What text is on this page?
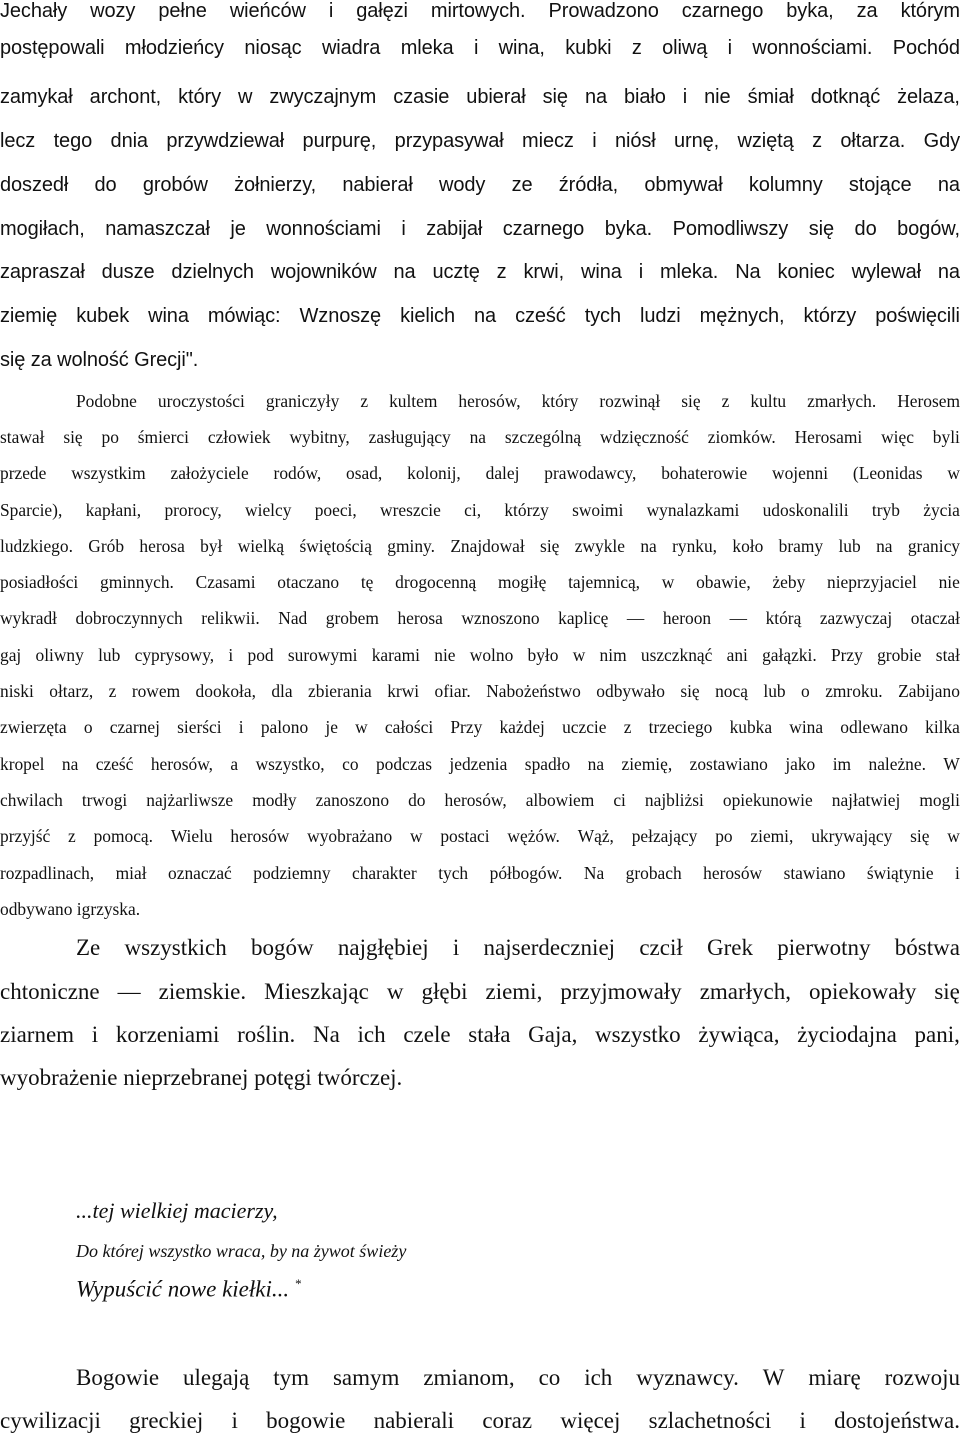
Jechały wozy pełne wieńców i gałęzi mirtowych. Prowadzono czarnego byka, za którym

postępowali młodzieńcy niosąc wiadra mleka i wina, kubki z oliwą i wonnościami. Pochód

zamykał archont, który w zwyczajnym czasie ubierał się na biało i nie śmiał dotknąć żelaza,

lecz tego dnia przywdziewał purpurę, przypasywał miecz i niósł urnę, wziętą z ołtarza. Gdy

doszedł do grobów żołnierzy, nabierał wody ze źródła, obmywał kolumny stojące na

mogiłach, namaszczał je wonnościami i zabijał czarnego byka. Pomodliwszy się do bogów,

zapraszał dusze dzielnych wojowników na ucztę z krwi, wina i mleka. Na koniec wylewał na

ziemię kubek wina mówiąc: Wznoszę kielich na cześć tych ludzi mężnych, którzy poświęcili

się za wolność Grecji".

Podobne uroczystości graniczyły z kultem herosów, który rozwinął się z kultu zmarłych. Herosem

stawał się po śmierci człowiek wybitny, zasługujący na szczególną wdzięczność ziomków. Herosami więc byli

przede wszystkim założyciele rodów, osad, kolonij, dalej prawodawcy, bohaterowie wojenni (Leonidas w

Sparcie), kapłani, prorocy, wielcy poeci, wreszcie ci, którzy swoimi wynalazkami udoskonalili tryb życia

ludzkiego. Grób herosa był wielką świętością gminy. Znajdował się zwykle na rynku, koło bramy lub na granicy

posiadłości gminnych. Czasami otaczano tę drogocenną mogiłę tajemnicą, w obawie, żeby nieprzyjaciel nie

wykradł dobroczynnych relikwii. Nad grobem herosa wznoszono kaplicę — heroon — którą zazwyczaj otaczał

gaj oliwny lub cyprysowy, i pod surowymi karami nie wolno było w nim uszczknąć ani gałązki. Przy grobie stał

niski ołtarz, z rowem dookoła, dla zbierania krwi ofiar. Nabożeństwo odbywało się nocą lub o zmroku. Zabijano

zwierzęta o czarnej sierści i palono je w całości Przy każdej uczcie z trzeciego kubka wina odlewano kilka

kropel na cześć herosów, a wszystko, co podczas jedzenia spadło na ziemię, zostawiano jako im należne. W

chwilach trwogi najżarliwsze modły zanoszono do herosów, albowiem ci najbliżsi opiekunowie najłatwiej mogli

przyjść z pomocą. Wielu herosów wyobrażano w postaci wężów. Wąż, pełzający po ziemi, ukrywający się w

rozpadlinach, miał oznaczać podziemny charakter tych półbogów. Na grobach herosów stawiano świątynie i

odbywano igrzyska.

Ze wszystkich bogów najgłębiej i najserdeczniej czcił Grek pierwotny bóstwa

chtoniczne — ziemskie. Mieszkając w głębi ziemi, przyjmowały zmarłych, opiekowały się

ziarnem i korzeniami roślin. Na ich czele stała Gaja, wszystko żywiąca, życiodajna pani,

wyobrażenie nieprzebranej potęgi twórczej.

...tej wielkiej macierzy,

Do której wszystko wraca, by na żywot świeży

Wypuścić nowe kiełki... *

Bogowie ulegają tym samym zmianom, co ich wyznawcy. W miarę rozwoju

cywilizacji greckiej i bogowie nabierali coraz więcej szlachetności i dostojeństwa.
